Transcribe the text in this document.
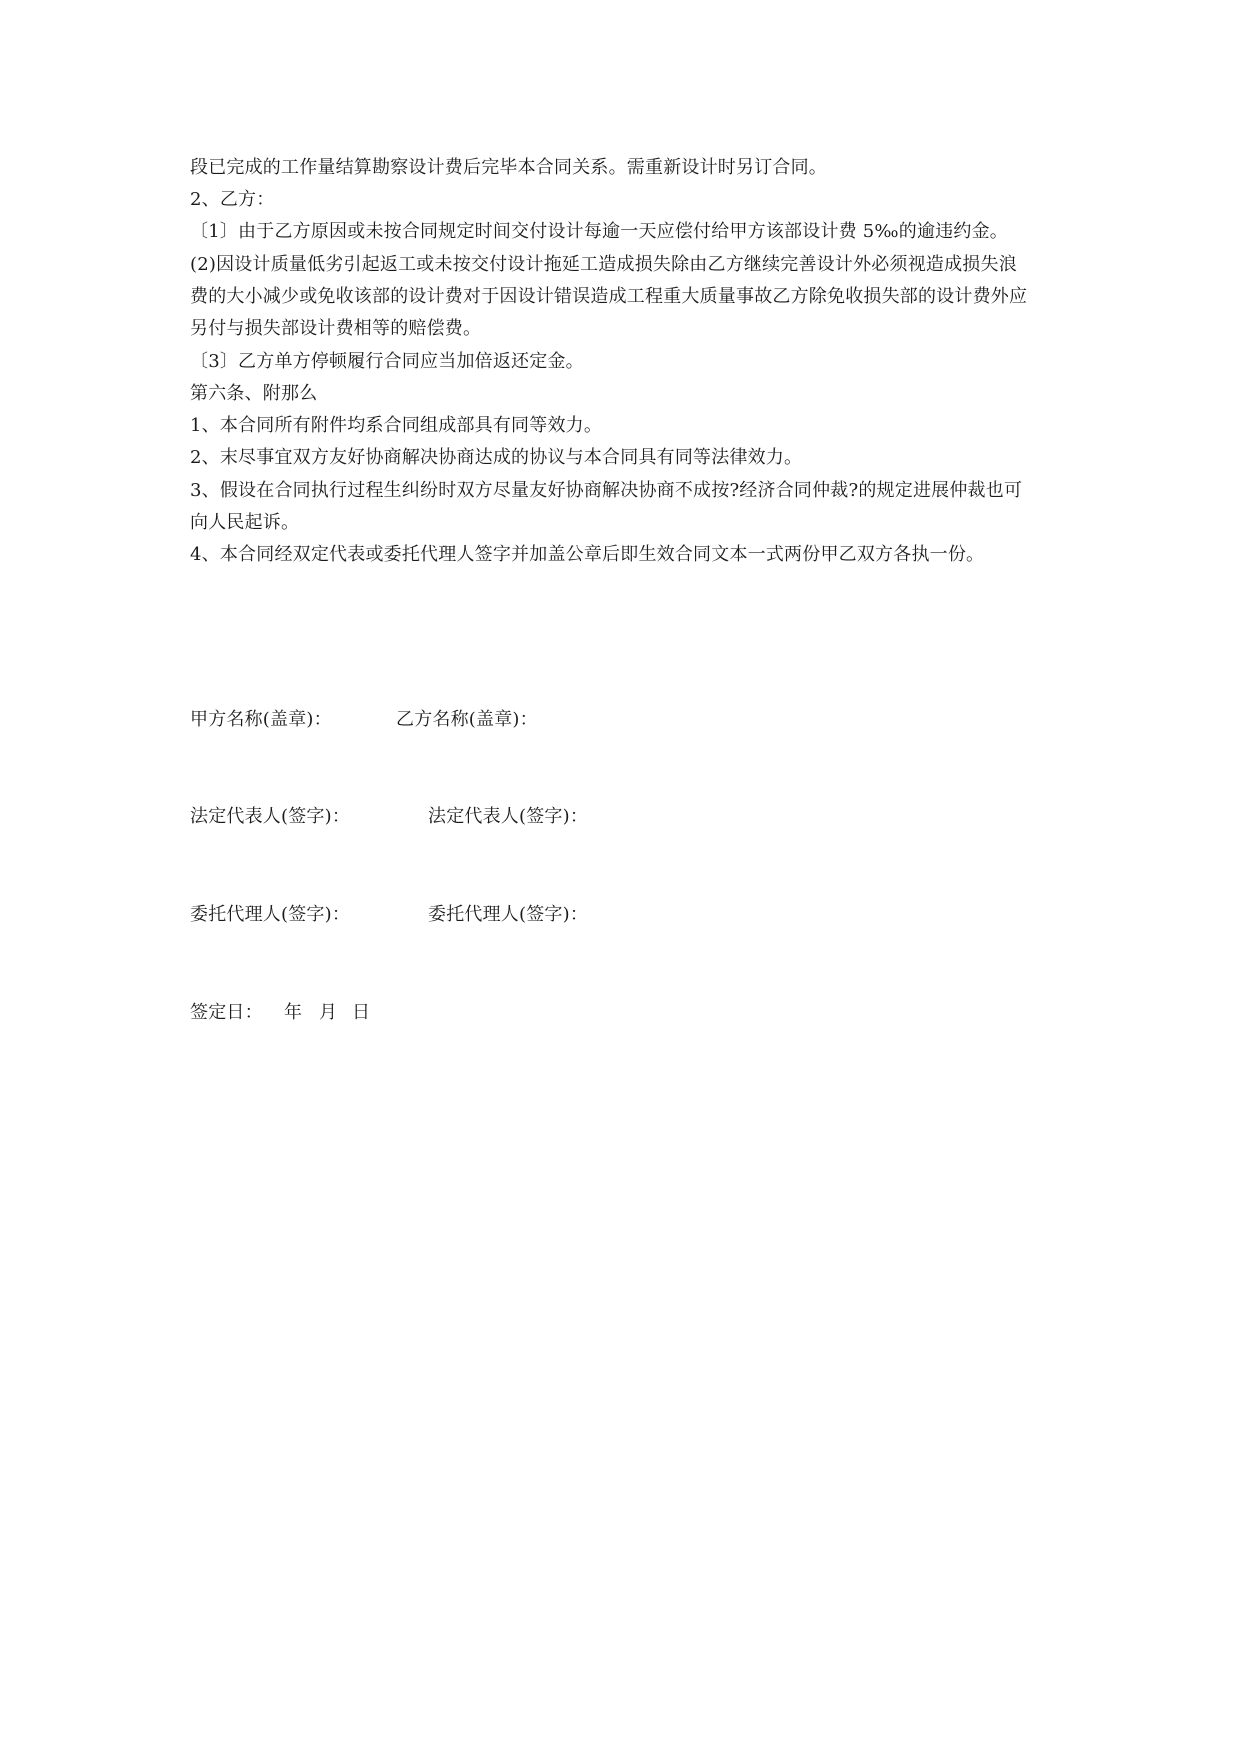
段已完成的工作量结算勘察设计费后完毕本合同关系。需重新设计时另订合同。
2、乙方：
〔1〕由于乙方原因或未按合同规定时间交付设计每逾一天应偿付给甲方该部设计费 5‰的逾违约金。
(2)因设计质量低劣引起返工或未按交付设计拖延工造成损失除由乙方继续完善设计外必须视造成损失浪
费的大小减少或免收该部的设计费对于因设计错误造成工程重大质量事故乙方除免收损失部的设计费外应
另付与损失部设计费相等的赔偿费。
〔3〕乙方单方停顿履行合同应当加倍返还定金。
第六条、附那么
1、本合同所有附件均系合同组成部具有同等效力。
2、末尽事宜双方友好协商解决协商达成的协议与本合同具有同等法律效力。
3、假设在合同执行过程生纠纷时双方尽量友好协商解决协商不成按?经济合同仲裁?的规定进展仲裁也可
向人民起诉。
4、本合同经双定代表或委托代理人签字并加盖公章后即生效合同文本一式两份甲乙双方各执一份。
甲方名称(盖章)：	乙方名称(盖章)：
法定代表人(签字)：	法定代表人(签字)：
委托代理人(签字)：	委托代理人(签字)：
签定日： 年 月 日
